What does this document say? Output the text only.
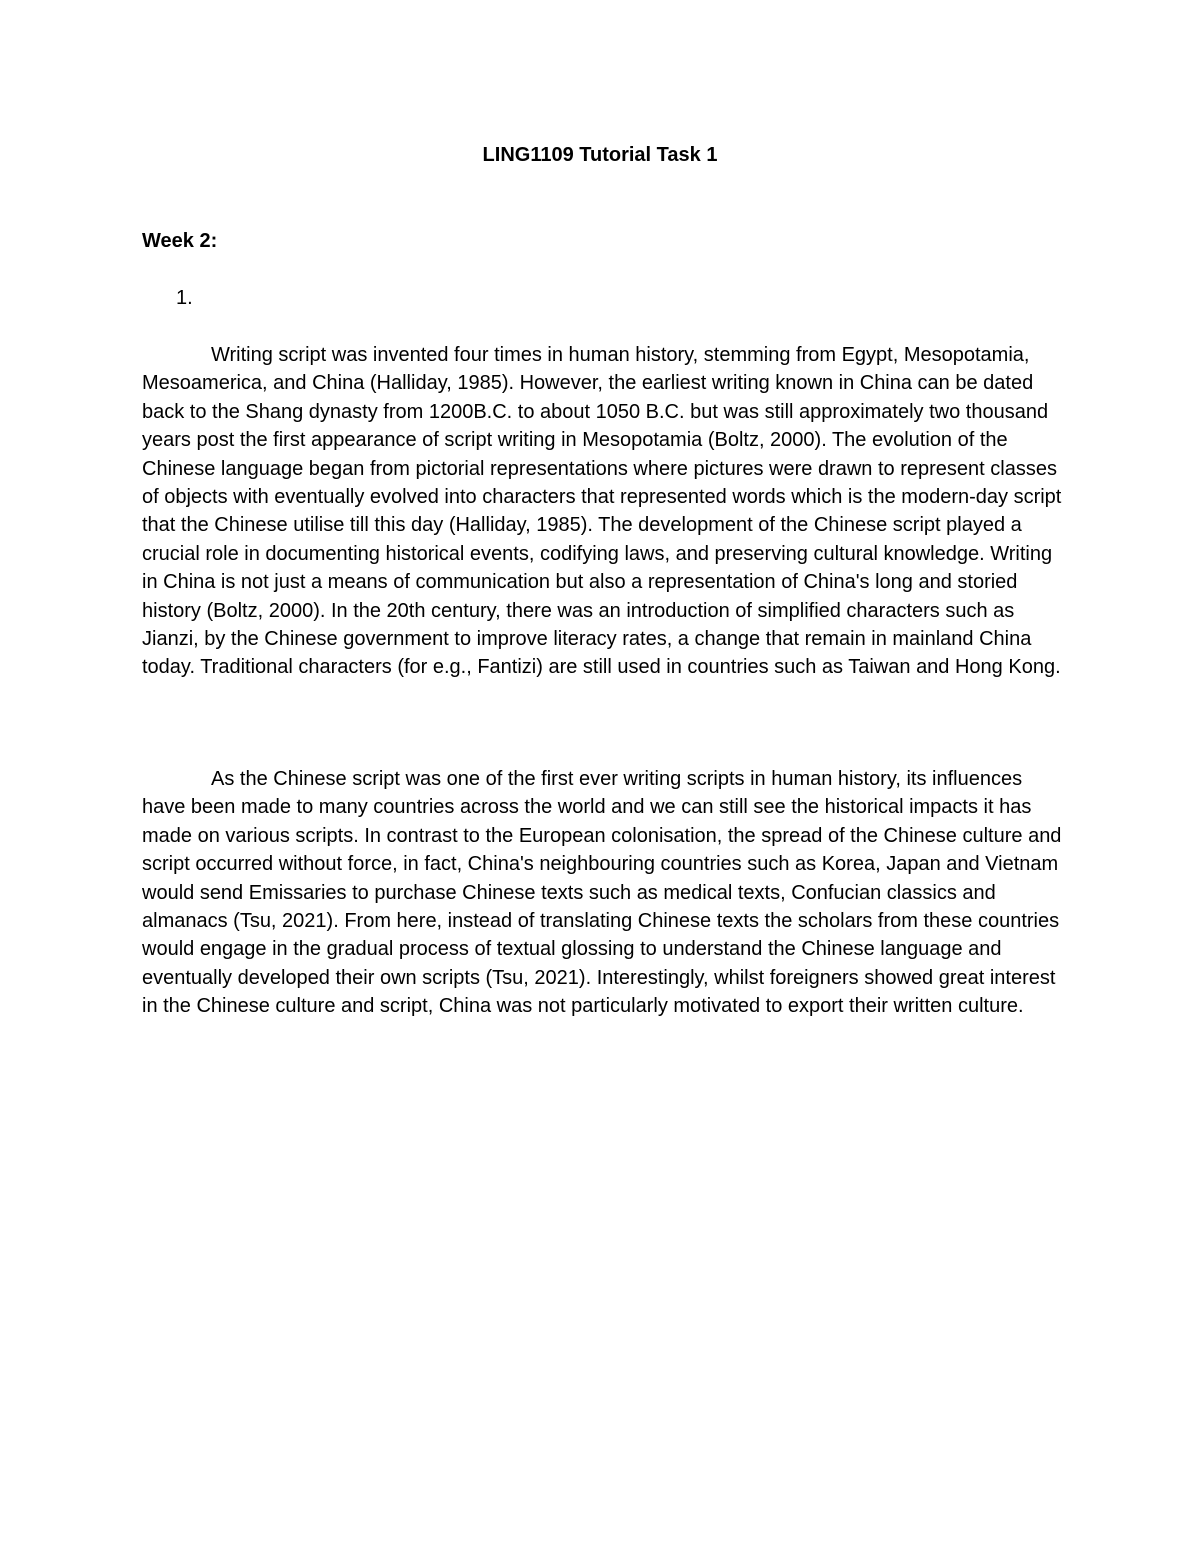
LING1109 Tutorial Task 1
Week 2:

1.

Writing script was invented four times in human history, stemming from Egypt, Mesopotamia, Mesoamerica, and China (Halliday, 1985). However, the earliest writing known in China can be dated back to the Shang dynasty from 1200B.C. to about 1050 B.C. but was still approximately two thousand years post the first appearance of script writing in Mesopotamia (Boltz, 2000). The evolution of the Chinese language began from pictorial representations where pictures were drawn to represent classes of objects with eventually evolved into characters that represented words which is the modern-day script that the Chinese utilise till this day (Halliday, 1985). The development of the Chinese script played a crucial role in documenting historical events, codifying laws, and preserving cultural knowledge. Writing in China is not just a means of communication but also a representation of China's long and storied history (Boltz, 2000). In the 20th century, there was an introduction of simplified characters such as Jianzi, by the Chinese government to improve literacy rates, a change that remain in mainland China today. Traditional characters (for e.g., Fantizi) are still used in countries such as Taiwan and Hong Kong.

As the Chinese script was one of the first ever writing scripts in human history, its influences have been made to many countries across the world and we can still see the historical impacts it has made on various scripts. In contrast to the European colonisation, the spread of the Chinese culture and script occurred without force, in fact, China's neighbouring countries such as Korea, Japan and Vietnam would send Emissaries to purchase Chinese texts such as medical texts, Confucian classics and almanacs (Tsu, 2021). From here, instead of translating Chinese texts the scholars from these countries would engage in the gradual process of textual glossing to understand the Chinese language and eventually developed their own scripts (Tsu, 2021). Interestingly, whilst foreigners showed great interest in the Chinese culture and script, China was not particularly motivated to export their written culture.
